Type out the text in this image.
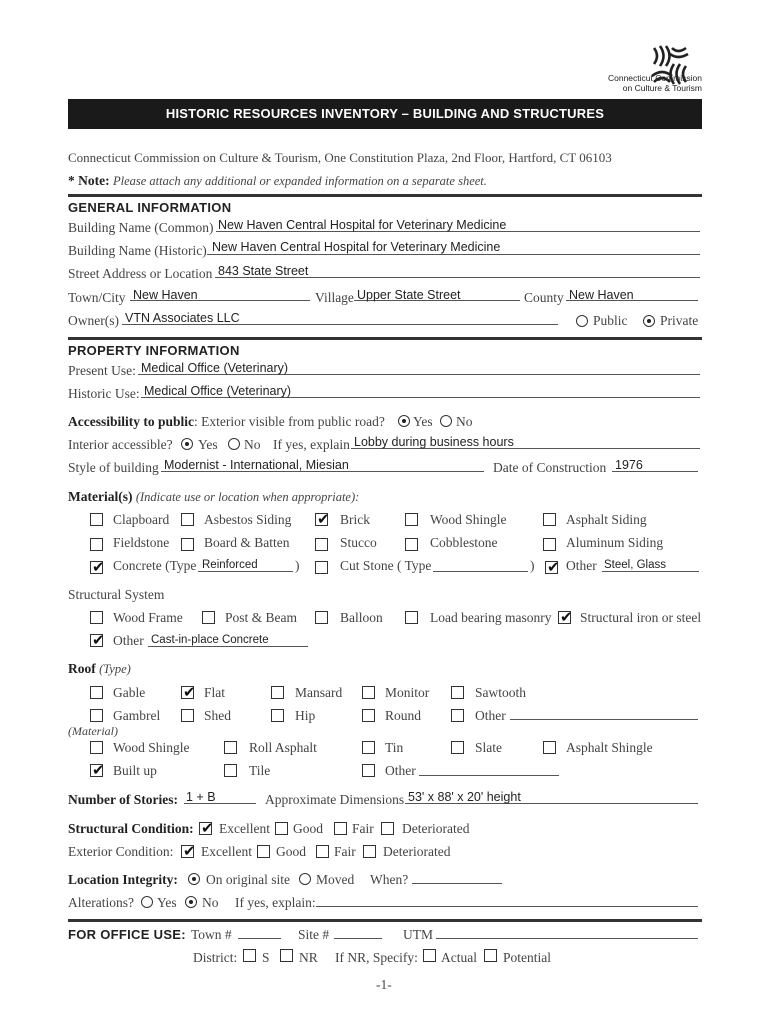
Connecticut Commission
on Culture & Tourism
HISTORIC RESOURCES INVENTORY – BUILDING AND STRUCTURES
Connecticut Commission on Culture & Tourism, One Constitution Plaza, 2nd Floor, Hartford, CT 06103
* Note: Please attach any additional or expanded information on a separate sheet.
GENERAL INFORMATION
Building Name (Common) New Haven Central Hospital for Veterinary Medicine
Building Name (Historic) New Haven Central Hospital for Veterinary Medicine
Street Address or Location 843 State Street
Town/City New Haven	Village Upper State Street	County New Haven
Owner(s) VTN Associates LLC	Public Private
PROPERTY INFORMATION
Present Use: Medical Office (Veterinary)
Historic Use: Medical Office (Veterinary)
Accessibility to public: Exterior visible from public road? Yes No
Interior accessible? Yes No If yes, explain Lobby during business hours
Style of building Modernist - International, Miesian	Date of Construction 1976
Material(s) (Indicate use or location when appropriate):
Clapboard	Asbestos Siding ✔ Brick	Wood Shingle	Asphalt Siding
Fieldstone	Board & Batten	Stucco	Cobblestone	Aluminum Siding
✔ Concrete (Type Reinforced	)	Cut Stone ( Type	) ✔ Other Steel, Glass
Structural System
Wood Frame	Post & Beam	Balloon	Load bearing masonry ✔ Structural iron or steel
✔ Other Cast-in-place Concrete
Roof (Type)
Gable	✔ Flat	Mansard	Monitor	Sawtooth
Gambrel	Shed	Hip	Round	Other
(Material)
Wood Shingle	Roll Asphalt	Tin	Slate	Asphalt Shingle
✔ Built up	Tile	Other
Number of Stories: 1 + B	Approximate Dimensions 53' x 88' x 20' height
Structural Condition: ✔ Excellent Good Fair Deteriorated
Exterior Condition: ✔ Excellent Good Fair Deteriorated
Location Integrity: On original site Moved When?
Alterations? Yes No If yes, explain:
FOR OFFICE USE: Town #	Site #	UTM
District: S NR If NR, Specify: Actual Potential
-1-
